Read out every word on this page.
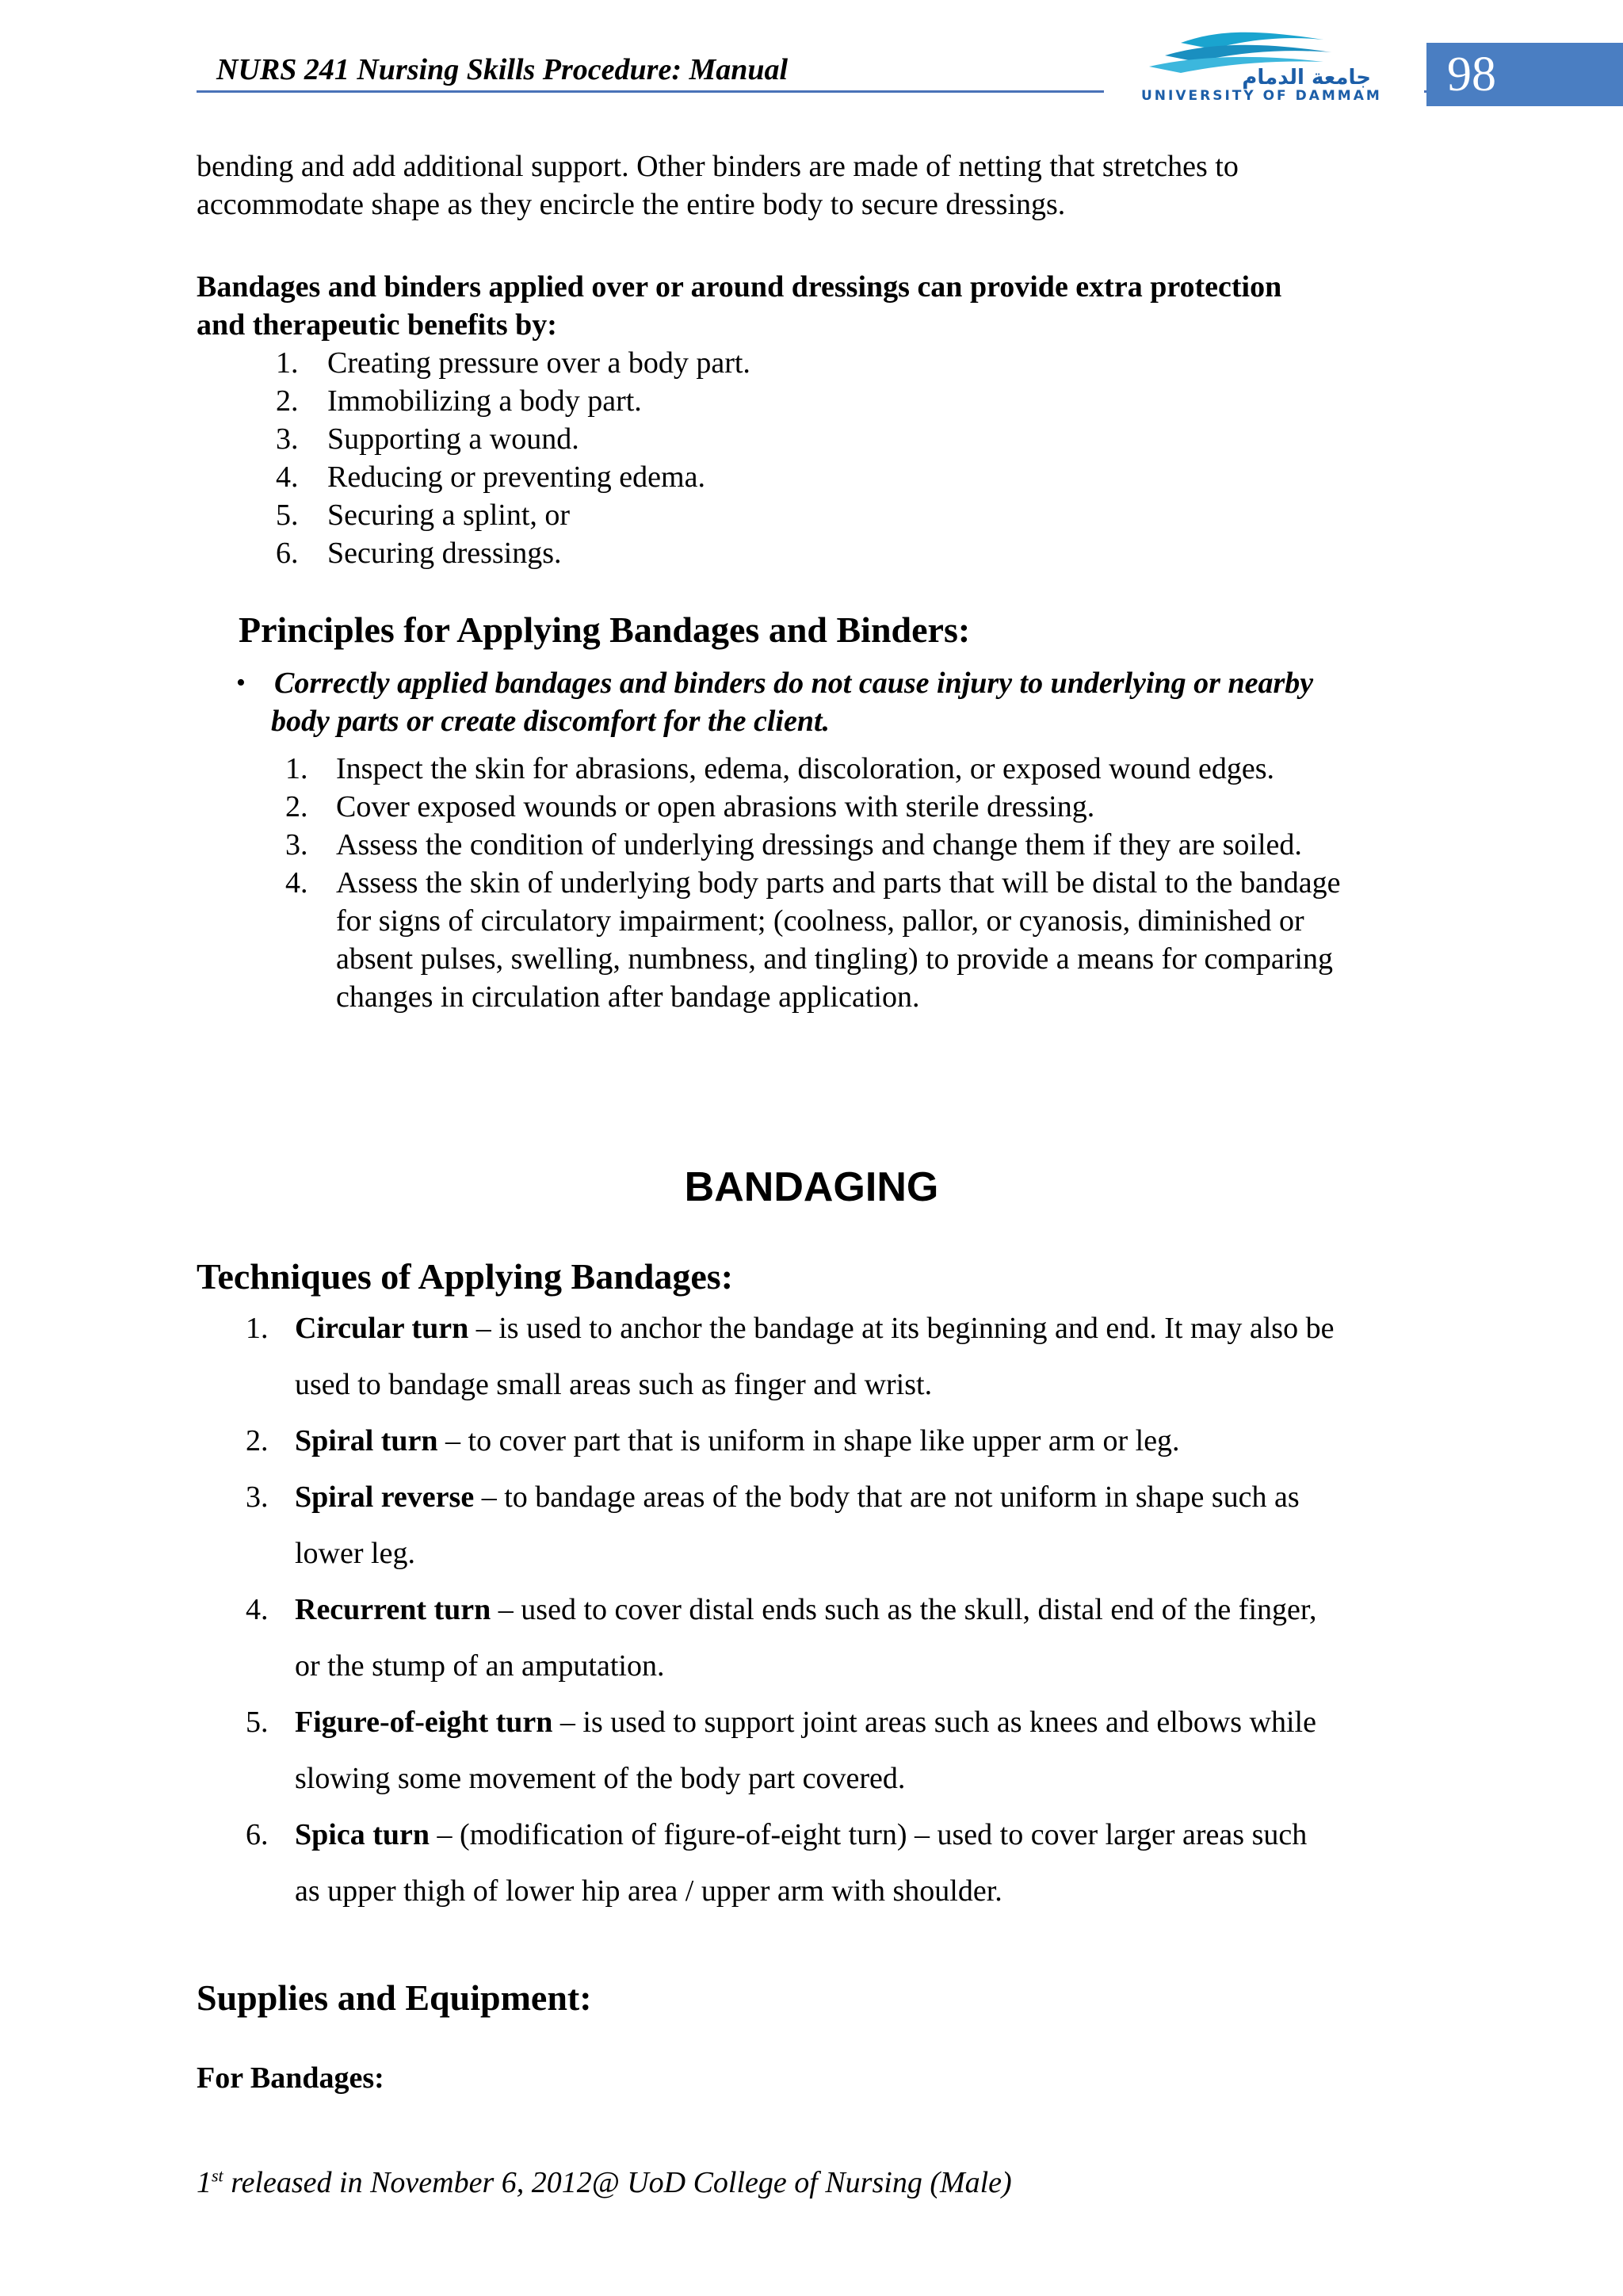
NURS 241 Nursing Skills Procedure: Manual	جامعة الدمام
UNIVERSITY OF DAMMAM 98
bending and add additional support. Other binders are made of netting that stretches to
accommodate shape as they encircle the entire body to secure dressings.
Bandages and binders applied over or around dressings can provide extra protection
and therapeutic benefits by:
1. Creating pressure over a body part.
2. Immobilizing a body part.
3. Supporting a wound.
4. Reducing or preventing edema.
5. Securing a splint, or
6. Securing dressings.
Principles for Applying Bandages and Binders:
• Correctly applied bandages and binders do not cause injury to underlying or nearby
body parts or create discomfort for the client.
1. Inspect the skin for abrasions, edema, discoloration, or exposed wound edges.
2. Cover exposed wounds or open abrasions with sterile dressing.
3. Assess the condition of underlying dressings and change them if they are soiled.
4. Assess the skin of underlying body parts and parts that will be distal to the bandage
for signs of circulatory impairment; (coolness, pallor, or cyanosis, diminished or
absent pulses, swelling, numbness, and tingling) to provide a means for comparing
changes in circulation after bandage application.
BANDAGING
Techniques of Applying Bandages:
1. Circular turn – is used to anchor the bandage at its beginning and end. It may also be
used to bandage small areas such as finger and wrist.
2. Spiral turn – to cover part that is uniform in shape like upper arm or leg.
3. Spiral reverse – to bandage areas of the body that are not uniform in shape such as
lower leg.
4. Recurrent turn – used to cover distal ends such as the skull, distal end of the finger,
or the stump of an amputation.
5. Figure-of-eight turn – is used to support joint areas such as knees and elbows while
slowing some movement of the body part covered.
6. Spica turn – (modification of figure-of-eight turn) – used to cover larger areas such
as upper thigh of lower hip area / upper arm with shoulder.
Supplies and Equipment:
For Bandages:
1st released in November 6, 2012@ UoD College of Nursing (Male)
